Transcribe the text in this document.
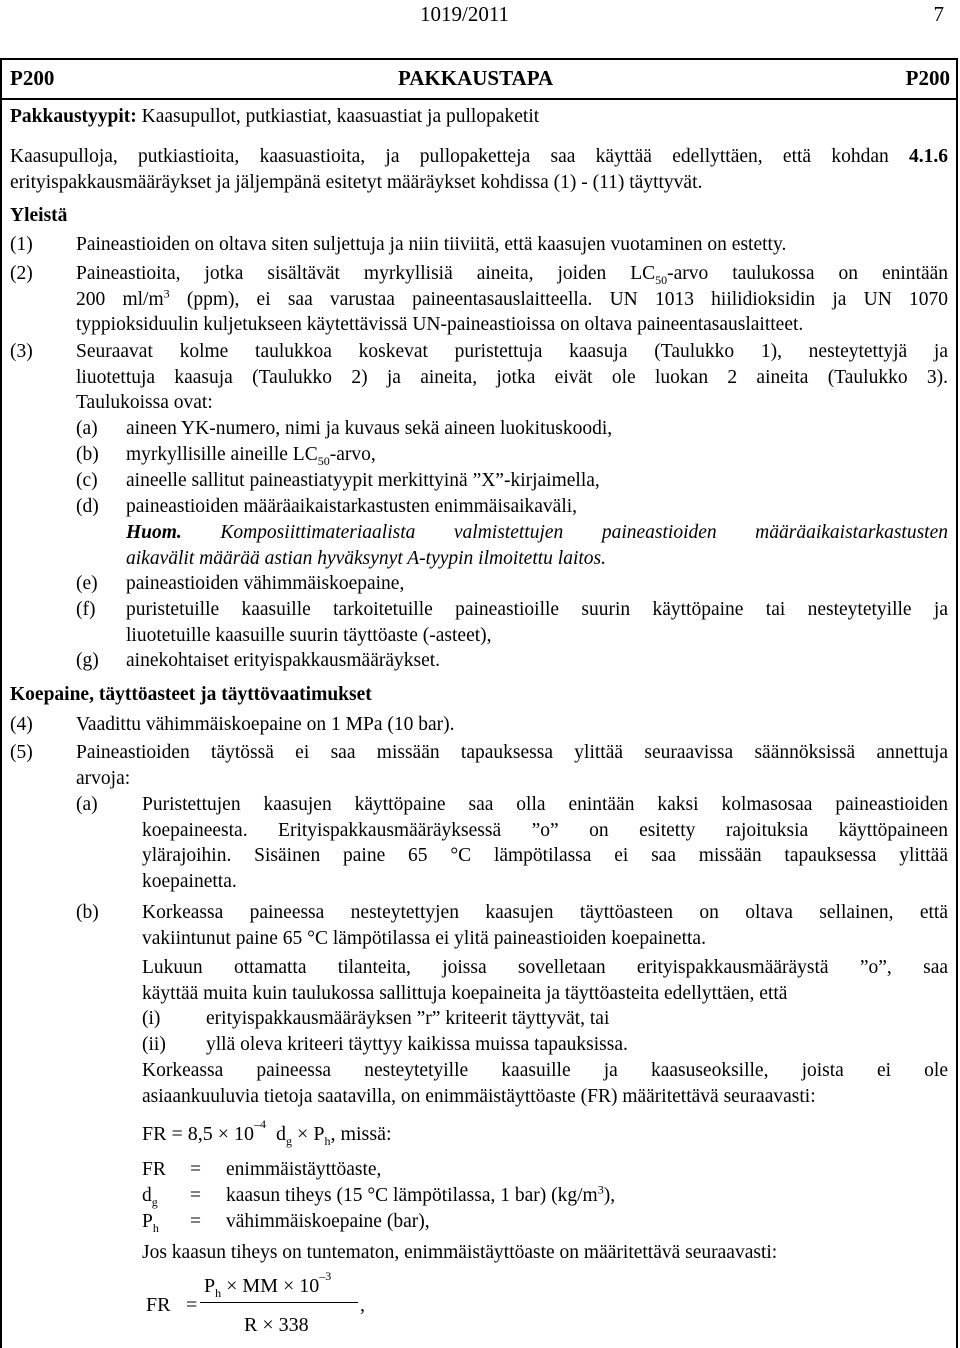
1019/2011	7
P200	PAKKAUSTAPA	P200
Pakkaustyypit: Kaasupullot, putkiastiat, kaasuastiat ja pullopaketit
Kaasupulloja, putkiastioita, kaasuastioita, ja pullopaketteja saa käyttää edellyttäen, että kohdan 4.1.6
erityispakkausmääräykset ja jäljempänä esitetyt määräykset kohdissa (1) - (11) täyttyvät.
Yleistä
(1) Paineastioiden on oltava siten suljettuja ja niin tiiviitä, että kaasujen vuotaminen on estetty.
(2) Paineastioita, jotka sisältävät myrkyllisiä aineita, joiden $LC_{50}$-arvo taulukossa on enintään
200 $ml/m^3$ (ppm), ei saa varustaa paineentasauslaitteella. UN 1013 hiilidioksidin ja UN 1070
typpioksiduulin kuljetukseen käytettävissä UN-paineastioissa on oltava paineentasauslaitteet.
(3) Seuraavat kolme taulukkoa koskevat puristettuja kaasuja (Taulukko 1), nesteytettyjä ja
liuotettuja kaasuja (Taulukko 2) ja aineita, jotka eivät ole luokan 2 aineita (Taulukko 3).
Taulukoissa ovat:
(a) aineen YK-numero, nimi ja kuvaus sekä aineen luokituskoodi,
(b) myrkyllisille aineille $LC_{50}$-arvo,
(c) aineelle sallitut paineastiatyypit merkittyinä ”X”-kirjaimella,
(d) paineastioiden määräaikaistarkastusten enimmäisaikaväli,
Huom. Komposiittimateriaalista valmistettujen paineastioiden määräaikaistarkastusten
aikavälit määrää astian hyväksynyt A-tyypin ilmoitettu laitos.
(e) paineastioiden vähimmäiskoepaine,
(f) puristetuille kaasuille tarkoitetuille paineastioille suurin käyttöpaine tai nesteytetyille ja
liuotetuille kaasuille suurin täyttöaste (-asteet),
(g) ainekohtaiset erityispakkausmääräykset.
Koepaine, täyttöasteet ja täyttövaatimukset
(4) Vaadittu vähimmäiskoepaine on 1 MPa (10 bar).
(5) Paineastioiden täytössä ei saa missään tapauksessa ylittää seuraavissa säännöksissä annettuja
arvoja:
(a) Puristettujen kaasujen käyttöpaine saa olla enintään kaksi kolmasosaa paineastioiden
koepaineesta. Erityispakkausmääräyksessä ”o” on esitetty rajoituksia käyttöpaineen
ylärajoihin. Sisäinen paine 65 °C lämpötilassa ei saa missään tapauksessa ylittää
koepainetta.
(b) Korkeassa paineessa nesteytettyjen kaasujen täyttöasteen on oltava sellainen, että
vakiintunut paine 65 °C lämpötilassa ei ylitä paineastioiden koepainetta.
Lukuun ottamatta tilanteita, joissa sovelletaan erityispakkausmääräystä ”o”, saa
käyttää muita kuin taulukossa sallittuja koepaineita ja täyttöasteita edellyttäen, että
(i) erityispakkausmääräyksen ”r” kriteerit täyttyvät, tai
(ii) yllä oleva kriteeri täyttyy kaikissa muissa tapauksissa.
Korkeassa paineessa nesteytetyille kaasuille ja kaasuseoksille, joista ei ole
asiaankuuluvia tietoja saatavilla, on enimmäistäyttöaste (FR) määritettävä seuraavasti:
FR = $8,5 \times 10^{-4}$ $d_g \times P_h$, missä:
FR = enimmäistäyttöaste,
$d_g$ = kaasun tiheys (15 °C lämpötilassa, 1 bar) $(kg/m^3)$,
$P_h$ = vähimmäiskoepaine (bar),
Jos kaasun tiheys on tuntematon, enimmäistäyttöaste on määritettävä seuraavasti:
FR =
$P_h$ × MM × $10^{-3}$
,
R × 338
